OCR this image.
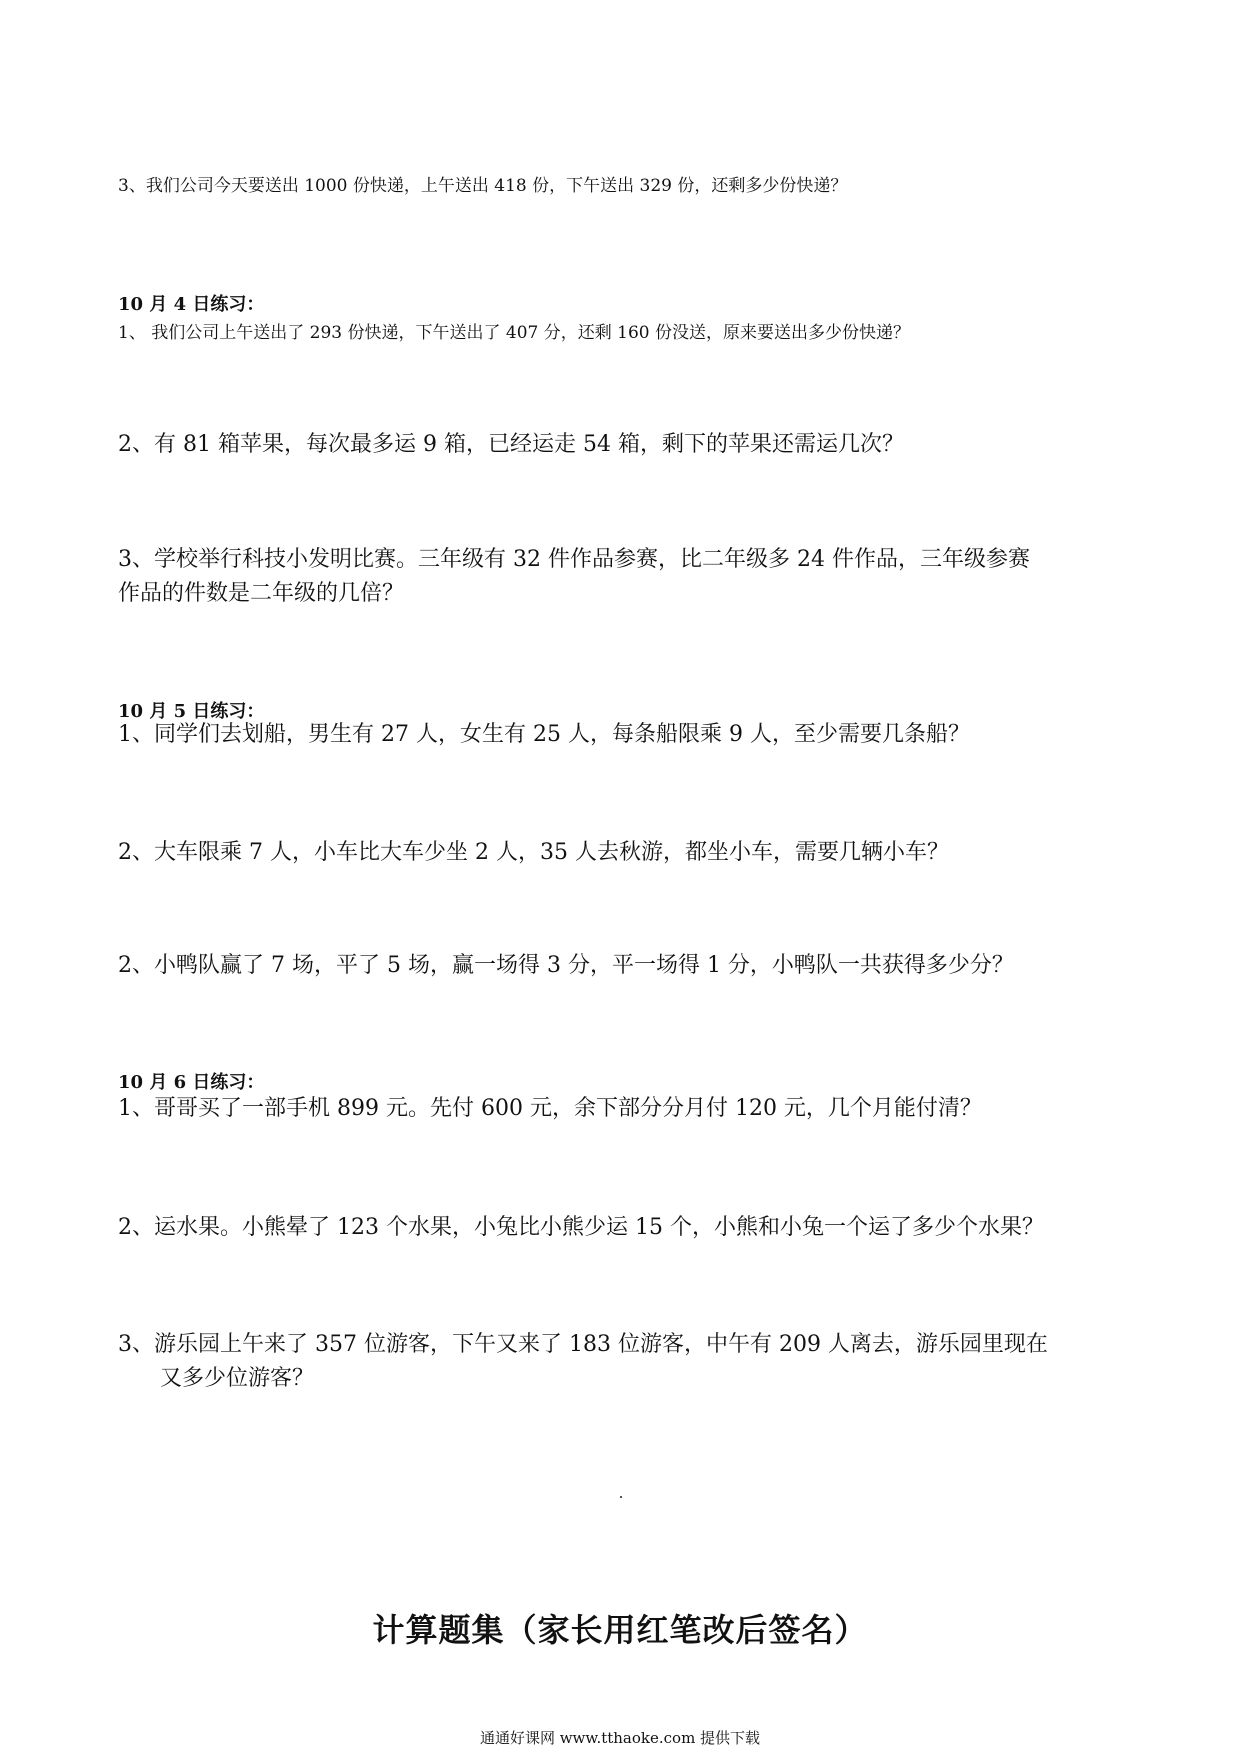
3、我们公司今天要送出 1000 份快递，上午送出 418 份，下午送出 329 份，还剩多少份快递？
10 月 4 日练习：
1、 我们公司上午送出了 293 份快递，下午送出了 407 分，还剩 160 份没送，原来要送出多少份快递？
2、有 81 箱苹果，每次最多运 9 箱，已经运走 54 箱，剩下的苹果还需运几次？
3、学校举行科技小发明比赛。三年级有 32 件作品参赛，比二年级多 24 件作品，三年级参赛
作品的件数是二年级的几倍？
10 月 5 日练习：
1、同学们去划船，男生有 27 人，女生有 25 人，每条船限乘 9 人，至少需要几条船？
2、大车限乘 7 人，小车比大车少坐 2 人，35 人去秋游，都坐小车，需要几辆小车？
2、小鸭队赢了 7 场，平了 5 场，赢一场得 3 分，平一场得 1 分，小鸭队一共获得多少分？
10 月 6 日练习：
1、哥哥买了一部手机 899 元。先付 600 元，余下部分分月付 120 元，几个月能付清？
2、运水果。小熊晕了 123 个水果，小兔比小熊少运 15 个，小熊和小兔一个运了多少个水果？
3、游乐园上午来了 357 位游客，下午又来了 183 位游客，中午有 209 人离去，游乐园里现在
又多少位游客？
计算题集（家长用红笔改后签名）
通通好课网 www.tthaoke.com 提供下载
